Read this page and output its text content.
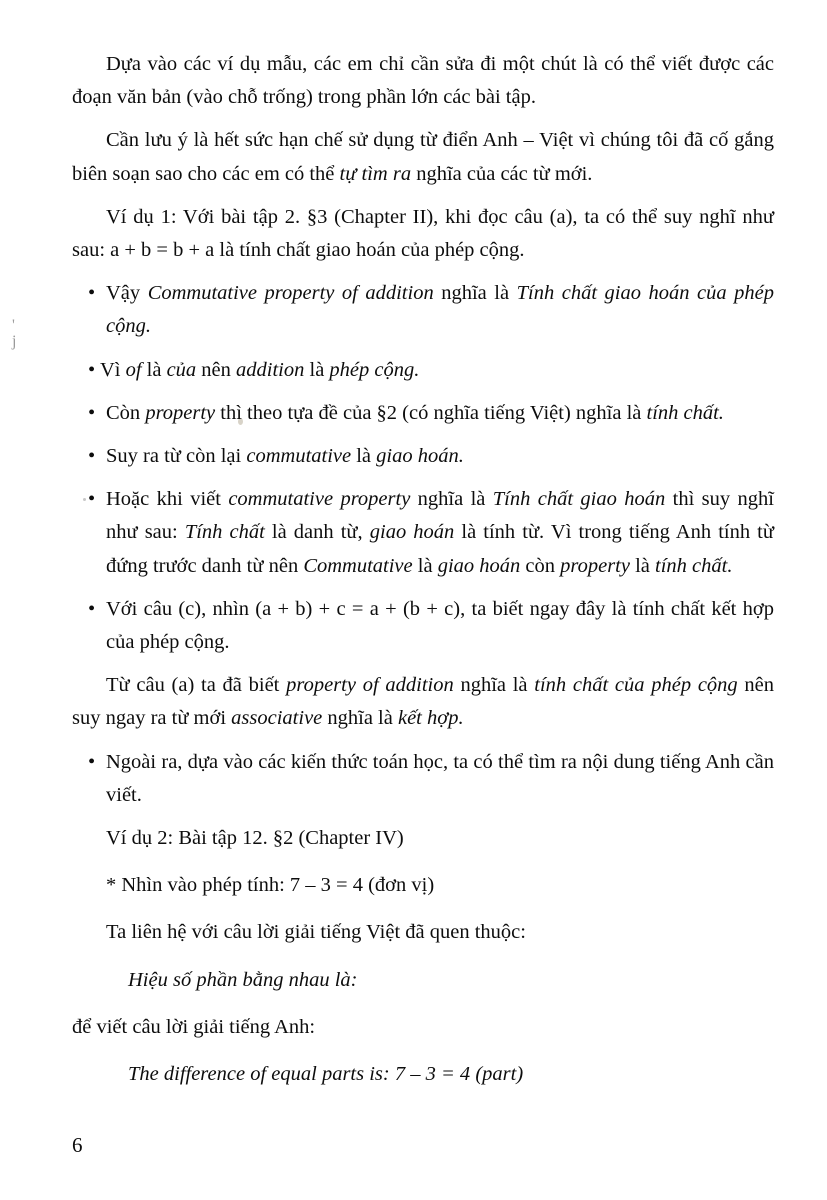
'
j

Dựa vào các ví dụ mẫu, các em chỉ cần sửa đi một chút là có thể viết được các đoạn văn bản (vào chỗ trống) trong phần lớn các bài tập.

Cần lưu ý là hết sức hạn chế sử dụng từ điển Anh – Việt vì chúng tôi đã cố gắng biên soạn sao cho các em có thể tự tìm ra nghĩa của các từ mới.

Ví dụ 1: Với bài tập 2. §3 (Chapter II), khi đọc câu (a), ta có thể suy nghĩ như sau: a + b = b + a là tính chất giao hoán của phép cộng.

• Vậy Commutative property of addition nghĩa là Tính chất giao hoán của phép cộng.

• Vì of là của nên addition là phép cộng.

• Còn property thì theo tựa đề của §2 (có nghĩa tiếng Việt) nghĩa là tính chất.

• Suy ra từ còn lại commutative là giao hoán.

• Hoặc khi viết commutative property nghĩa là Tính chất giao hoán thì suy nghĩ như sau: Tính chất là danh từ, giao hoán là tính từ. Vì trong tiếng Anh tính từ đứng trước danh từ nên Commutative là giao hoán còn property là tính chất.

• Với câu (c), nhìn (a + b) + c = a + (b + c), ta biết ngay đây là tính chất kết hợp của phép cộng.

Từ câu (a) ta đã biết property of addition nghĩa là tính chất của phép cộng nên suy ngay ra từ mới associative nghĩa là kết hợp.

• Ngoài ra, dựa vào các kiến thức toán học, ta có thể tìm ra nội dung tiếng Anh cần viết.

Ví dụ 2: Bài tập 12. §2 (Chapter IV)

* Nhìn vào phép tính: 7 – 3 = 4 (đơn vị)

Ta liên hệ với câu lời giải tiếng Việt đã quen thuộc:

Hiệu số phần bằng nhau là:

để viết câu lời giải tiếng Anh:

The difference of equal parts is: 7 – 3 = 4 (part)

6
